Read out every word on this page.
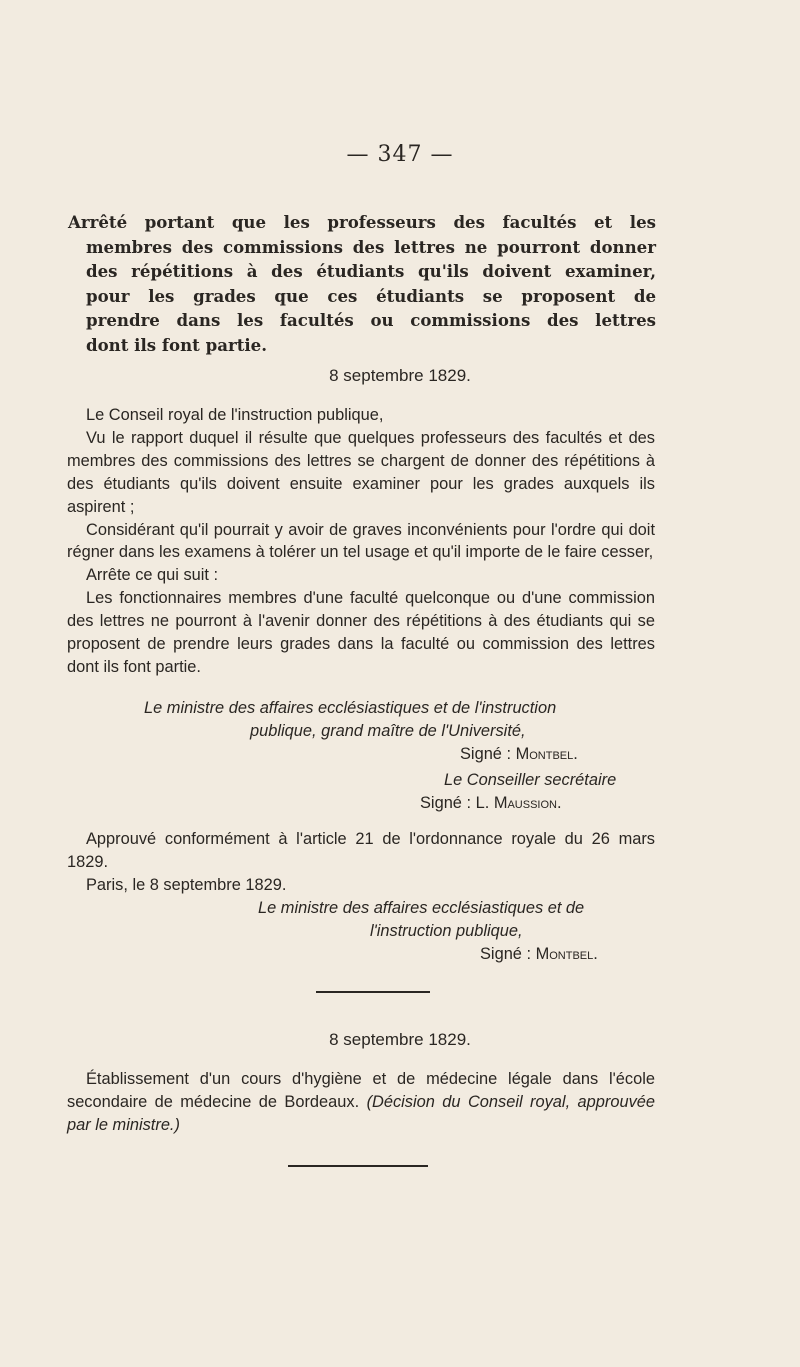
— 347 —
Arrêté portant que les professeurs des facultés et les
membres des commissions des lettres ne pourront donner
des répétitions à des étudiants qu'ils doivent examiner,
pour les grades que ces étudiants se proposent de
prendre dans les facultés ou commissions des lettres
dont ils font partie.
8 septembre 1829.

Le Conseil royal de l'instruction publique,

Vu le rapport duquel il résulte que quelques professeurs des facultés et des membres des commissions des lettres se chargent de donner des répétitions à des étudiants qu'ils doivent ensuite examiner pour les grades auxquels ils aspirent ;

Considérant qu'il pourrait y avoir de graves inconvénients pour l'ordre qui doit régner dans les examens à tolérer un tel usage et qu'il importe de le faire cesser,

Arrête ce qui suit :

Les fonctionnaires membres d'une faculté quelconque ou d'une commission des lettres ne pourront à l'avenir donner des répétitions à des étudiants qui se proposent de prendre leurs grades dans la faculté ou commission des lettres dont ils font partie.

Le ministre des affaires ecclésiastiques et de l'instruction
publique, grand maître de l'Université,
Signé : Montbel.
Le Conseiller secrétaire
Signé : L. Maussion.

Approuvé conformément à l'article 21 de l'ordonnance royale du 26 mars 1829.

Paris, le 8 septembre 1829.

Le ministre des affaires ecclésiastiques et de
l'instruction publique,
Signé : Montbel.
8 septembre 1829.

Établissement d'un cours d'hygiène et de médecine légale dans l'école secondaire de médecine de Bordeaux. (Décision du Conseil royal, approuvée par le ministre.)
